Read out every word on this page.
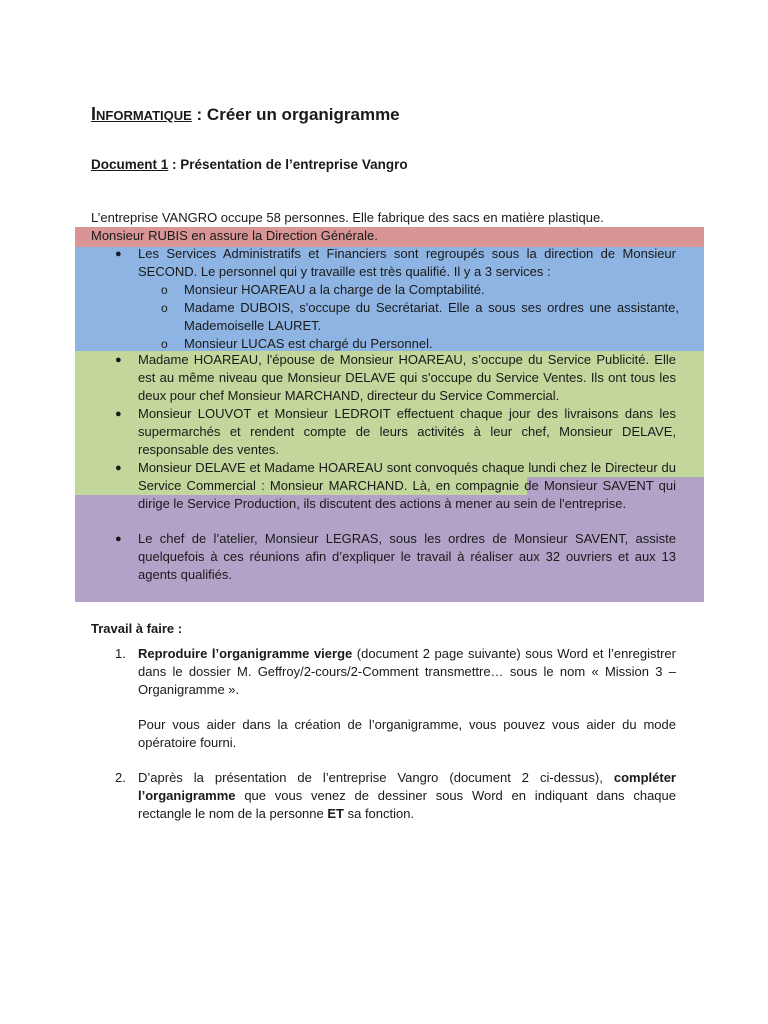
Informatique : Créer un organigramme
Document 1 : Présentation de l’entreprise Vangro
L’entreprise VANGRO occupe 58 personnes. Elle fabrique des sacs en matière plastique.
Monsieur RUBIS en assure la Direction Générale.
● Les Services Administratifs et Financiers sont regroupés sous la direction de Monsieur SECOND. Le personnel qui y travaille est très qualifié. Il y a 3 services :
o Monsieur HOAREAU a la charge de la Comptabilité.
o Madame DUBOIS, s'occupe du Secrétariat. Elle a sous ses ordres une assistante, Mademoiselle LAURET.
o Monsieur LUCAS est chargé du Personnel.
● Madame HOAREAU, l'épouse de Monsieur HOAREAU, s’occupe du Service Publicité. Elle est au même niveau que Monsieur DELAVE qui s'occupe du Service Ventes. Ils ont tous les deux pour chef Monsieur MARCHAND, directeur du Service Commercial.
● Monsieur LOUVOT et Monsieur LEDROIT effectuent chaque jour des livraisons dans les supermarchés et rendent compte de leurs activités à leur chef, Monsieur DELAVE, responsable des ventes.
● Monsieur DELAVE et Madame HOAREAU sont convoqués chaque lundi chez le Directeur du Service Commercial : Monsieur MARCHAND. Là, en compagnie de Monsieur SAVENT qui dirige le Service Production, ils discutent des actions à mener au sein de l'entreprise.
● Le chef de l’atelier, Monsieur LEGRAS, sous les ordres de Monsieur SAVENT, assiste quelquefois à ces réunions afin d’expliquer le travail à réaliser aux 32 ouvriers et aux 13 agents qualifiés.
Travail à faire :
1. Reproduire l’organigramme vierge (document 2 page suivante) sous Word et l’enregistrer dans le dossier M. Geffroy/2-cours/2-Comment transmettre… sous le nom « Mission 3 – Organigramme ».
Pour vous aider dans la création de l’organigramme, vous pouvez vous aider du mode opératoire fourni.
2. D’après la présentation de l’entreprise Vangro (document 2 ci-dessus), compléter l’organigramme que vous venez de dessiner sous Word en indiquant dans chaque rectangle le nom de la personne ET sa fonction.
